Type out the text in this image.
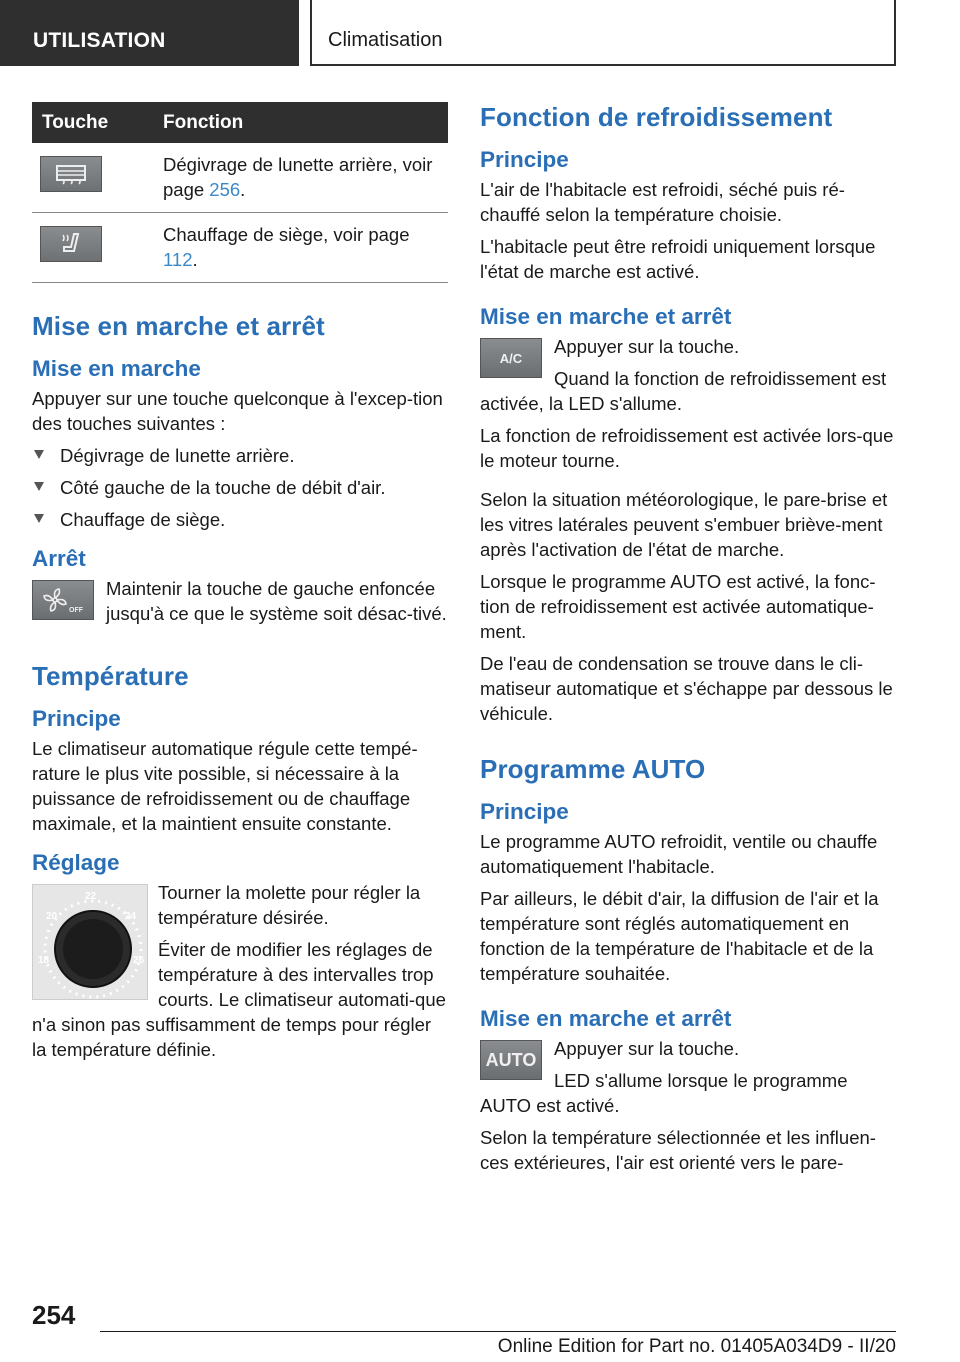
UTILISATION	Climatisation
Touche	Fonction
Dégivrage de lunette arrière, voir page 256.
Chauffage de siège, voir page 112.
Mise en marche et arrêt
Mise en marche

Appuyer sur une touche quelconque à l'excep-tion des touches suivantes :

Dégivrage de lunette arrière.
Côté gauche de la touche de débit d'air.
Chauffage de siège.
Arrêt
OFF

Maintenir la touche de gauche enfoncée jusqu'à ce que le système soit désac-tivé.

Température
Principe

Le climatiseur automatique régule cette tempé-rature le plus vite possible, si nécessaire à la puissance de refroidissement ou de chauffage maximale, et la maintient ensuite constante.

Réglage
22
20	24
18	26

Tourner la molette pour régler la température désirée.

Éviter de modifier les réglages de température à des intervalles trop courts. Le climatiseur automati-que n'a sinon pas suffisamment de temps pour régler la température définie.

Fonction de refroidissement
Principe

L'air de l'habitacle est refroidi, séché puis ré-chauffé selon la température choisie.

L'habitacle peut être refroidi uniquement lorsque l'état de marche est activé.

Mise en marche et arrêt
A/C

Appuyer sur la touche.

Quand la fonction de refroidissement est activée, la LED s'allume.

La fonction de refroidissement est activée lors-que le moteur tourne.

Selon la situation météorologique, le pare-brise et les vitres latérales peuvent s'embuer briève-ment après l'activation de l'état de marche.

Lorsque le programme AUTO est activé, la fonc-tion de refroidissement est activée automatique-ment.

De l'eau de condensation se trouve dans le cli-matiseur automatique et s'échappe par dessous le véhicule.

Programme AUTO
Principe

Le programme AUTO refroidit, ventile ou chauffe automatiquement l'habitacle.

Par ailleurs, le débit d'air, la diffusion de l'air et la température sont réglés automatiquement en fonction de la température de l'habitacle et de la température souhaitée.

Mise en marche et arrêt
AUTO

Appuyer sur la touche.

LED s'allume lorsque le programme AUTO est activé.

Selon la température sélectionnée et les influen-ces extérieures, l'air est orienté vers le pare-

254
Online Edition for Part no. 01405A034D9 - II/20
